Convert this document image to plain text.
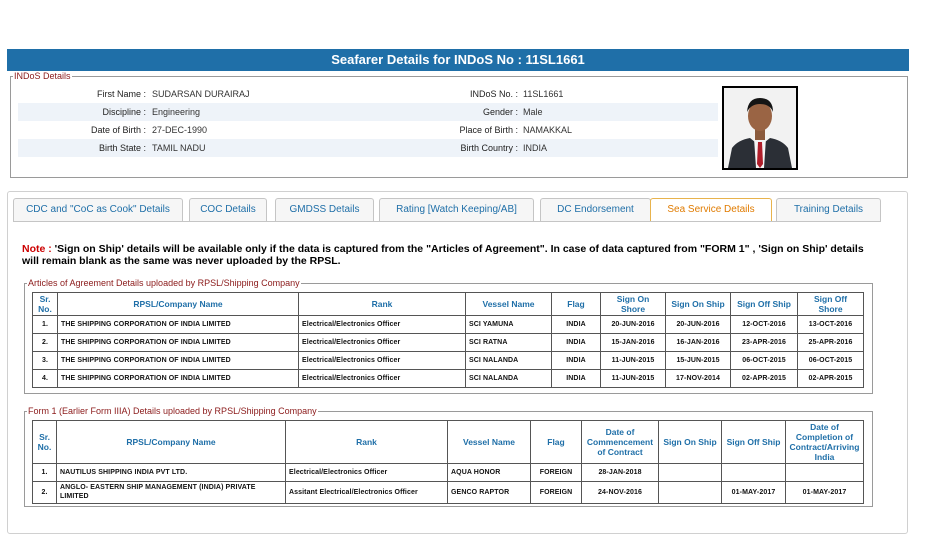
Seafarer Details for INDoS No : 11SL1661
INDoS Details
First Name : SUDARSAN DURAIRAJ	INDoS No. : 11SL1661
Discipline : Engineering	Gender : Male
Date of Birth : 27-DEC-1990	Place of Birth : NAMAKKAL
Birth State : TAMIL NADU	Birth Country : INDIA
CDC and "CoC as Cook" Details	COC Details	GMDSS Details	Rating [Watch Keeping/AB]	DC Endorsement	Sea Service Details	Training Details
Note : 'Sign on Ship' details will be available only if the data is captured from the "Articles of Agreement". In case of data captured from "FORM 1" , 'Sign on Ship' details will remain blank as the same was never uploaded by the RPSL.
Articles of Agreement Details uploaded by RPSL/Shipping Company
Sr. No.	RPSL/Company Name	Rank	Vessel Name	Flag	Sign On Shore	Sign On Ship	Sign Off Ship	Sign Off Shore
1.	THE SHIPPING CORPORATION OF INDIA LIMITED	Electrical/Electronics Officer	SCI YAMUNA	INDIA	20-JUN-2016	20-JUN-2016	12-OCT-2016	13-OCT-2016
2.	THE SHIPPING CORPORATION OF INDIA LIMITED	Electrical/Electronics Officer	SCI RATNA	INDIA	15-JAN-2016	16-JAN-2016	23-APR-2016	25-APR-2016
3.	THE SHIPPING CORPORATION OF INDIA LIMITED	Electrical/Electronics Officer	SCI NALANDA	INDIA	11-JUN-2015	15-JUN-2015	06-OCT-2015	06-OCT-2015
4.	THE SHIPPING CORPORATION OF INDIA LIMITED	Electrical/Electronics Officer	SCI NALANDA	INDIA	11-JUN-2015	17-NOV-2014	02-APR-2015	02-APR-2015
Form 1 (Earlier Form IIIA) Details uploaded by RPSL/Shipping Company
Sr. No.	RPSL/Company Name	Rank	Vessel Name	Flag	Date of Commencement of Contract	Sign On Ship	Sign Off Ship	Date of Completion of Contract/Arriving India
1.	NAUTILUS SHIPPING INDIA PVT LTD.	Electrical/Electronics Officer	AQUA HONOR	FOREIGN	28-JAN-2018			
2.	ANGLO- EASTERN SHIP MANAGEMENT (INDIA) PRIVATE LIMITED	Assitant Electrical/Electronics Officer	GENCO RAPTOR	FOREIGN	24-NOV-2016		01-MAY-2017	01-MAY-2017
